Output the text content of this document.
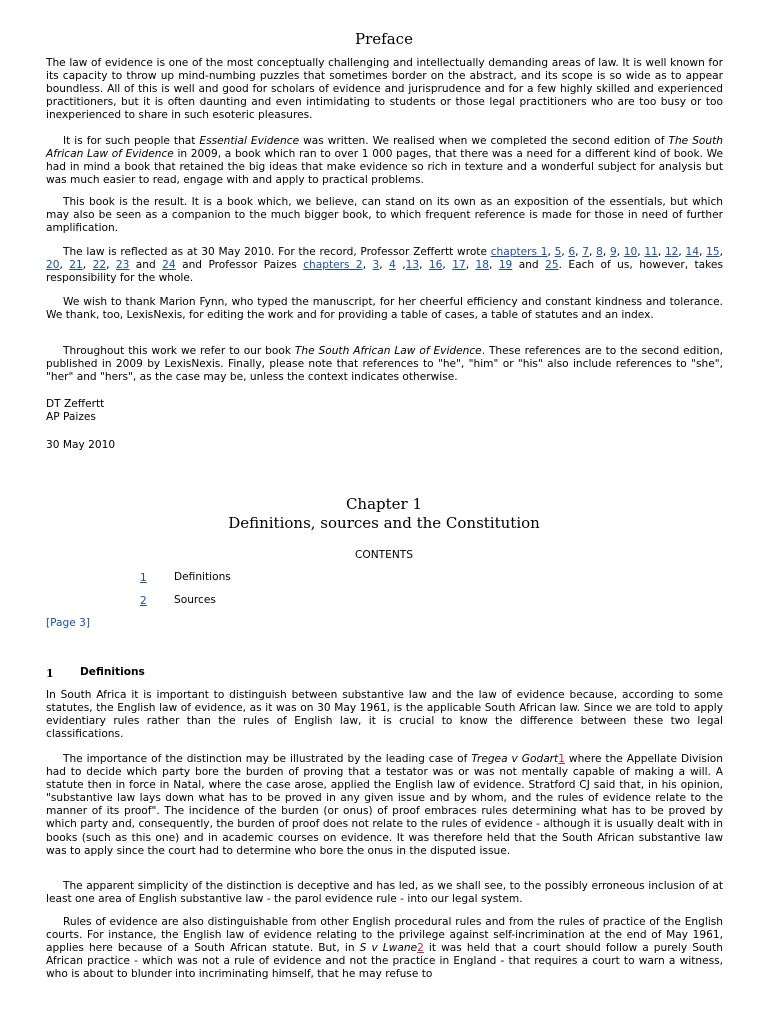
Preface

The law of evidence is one of the most conceptually challenging and intellectually demanding areas of law. It is well known for its capacity to throw up mind-numbing puzzles that sometimes border on the abstract, and its scope is so wide as to appear boundless. All of this is well and good for scholars of evidence and jurisprudence and for a few highly skilled and experienced practitioners, but it is often daunting and even intimidating to students or those legal practitioners who are too busy or too inexperienced to share in such esoteric pleasures.

It is for such people that Essential Evidence was written. We realised when we completed the second edition of The South African Law of Evidence in 2009, a book which ran to over 1 000 pages, that there was a need for a different kind of book. We had in mind a book that retained the big ideas that make evidence so rich in texture and a wonderful subject for analysis but was much easier to read, engage with and apply to practical problems.

This book is the result. It is a book which, we believe, can stand on its own as an exposition of the essentials, but which may also be seen as a companion to the much bigger book, to which frequent reference is made for those in need of further amplification.

The law is reflected as at 30 May 2010. For the record, Professor Zeffertt wrote chapters 1, 5, 6, 7, 8, 9, 10, 11, 12, 14, 15, 20, 21, 22, 23 and 24 and Professor Paizes chapters 2, 3, 4 ,13, 16, 17, 18, 19 and 25. Each of us, however, takes responsibility for the whole.

We wish to thank Marion Fynn, who typed the manuscript, for her cheerful efficiency and constant kindness and tolerance. We thank, too, LexisNexis, for editing the work and for providing a table of cases, a table of statutes and an index.

Throughout this work we refer to our book The South African Law of Evidence. These references are to the second edition, published in 2009 by LexisNexis. Finally, please note that references to "he", "him" or "his" also include references to "she", "her" and "hers", as the case may be, unless the context indicates otherwise.

DT Zeffertt

AP Paizes

30 May 2010

Chapter 1
Definitions, sources and the Constitution

CONTENTS

1	Definitions
2	Sources
[Page 3]
1 Definitions

In South Africa it is important to distinguish between substantive law and the law of evidence because, according to some statutes, the English law of evidence, as it was on 30 May 1961, is the applicable South African law. Since we are told to apply evidentiary rules rather than the rules of English law, it is crucial to know the difference between these two legal classifications.

The importance of the distinction may be illustrated by the leading case of Tregea v Godart1 where the Appellate Division had to decide which party bore the burden of proving that a testator was or was not mentally capable of making a will. A statute then in force in Natal, where the case arose, applied the English law of evidence. Stratford CJ said that, in his opinion, "substantive law lays down what has to be proved in any given issue and by whom, and the rules of evidence relate to the manner of its proof". The incidence of the burden (or onus) of proof embraces rules determining what has to be proved by which party and, consequently, the burden of proof does not relate to the rules of evidence - although it is usually dealt with in books (such as this one) and in academic courses on evidence. It was therefore held that the South African substantive law was to apply since the court had to determine who bore the onus in the disputed issue.

The apparent simplicity of the distinction is deceptive and has led, as we shall see, to the possibly erroneous inclusion of at least one area of English substantive law - the parol evidence rule - into our legal system.

Rules of evidence are also distinguishable from other English procedural rules and from the rules of practice of the English courts. For instance, the English law of evidence relating to the privilege against self-incrimination at the end of May 1961, applies here because of a South African statute. But, in S v Lwane2 it was held that a court should follow a purely South African practice - which was not a rule of evidence and not the practice in England - that requires a court to warn a witness, who is about to blunder into incriminating himself, that he may refuse to
